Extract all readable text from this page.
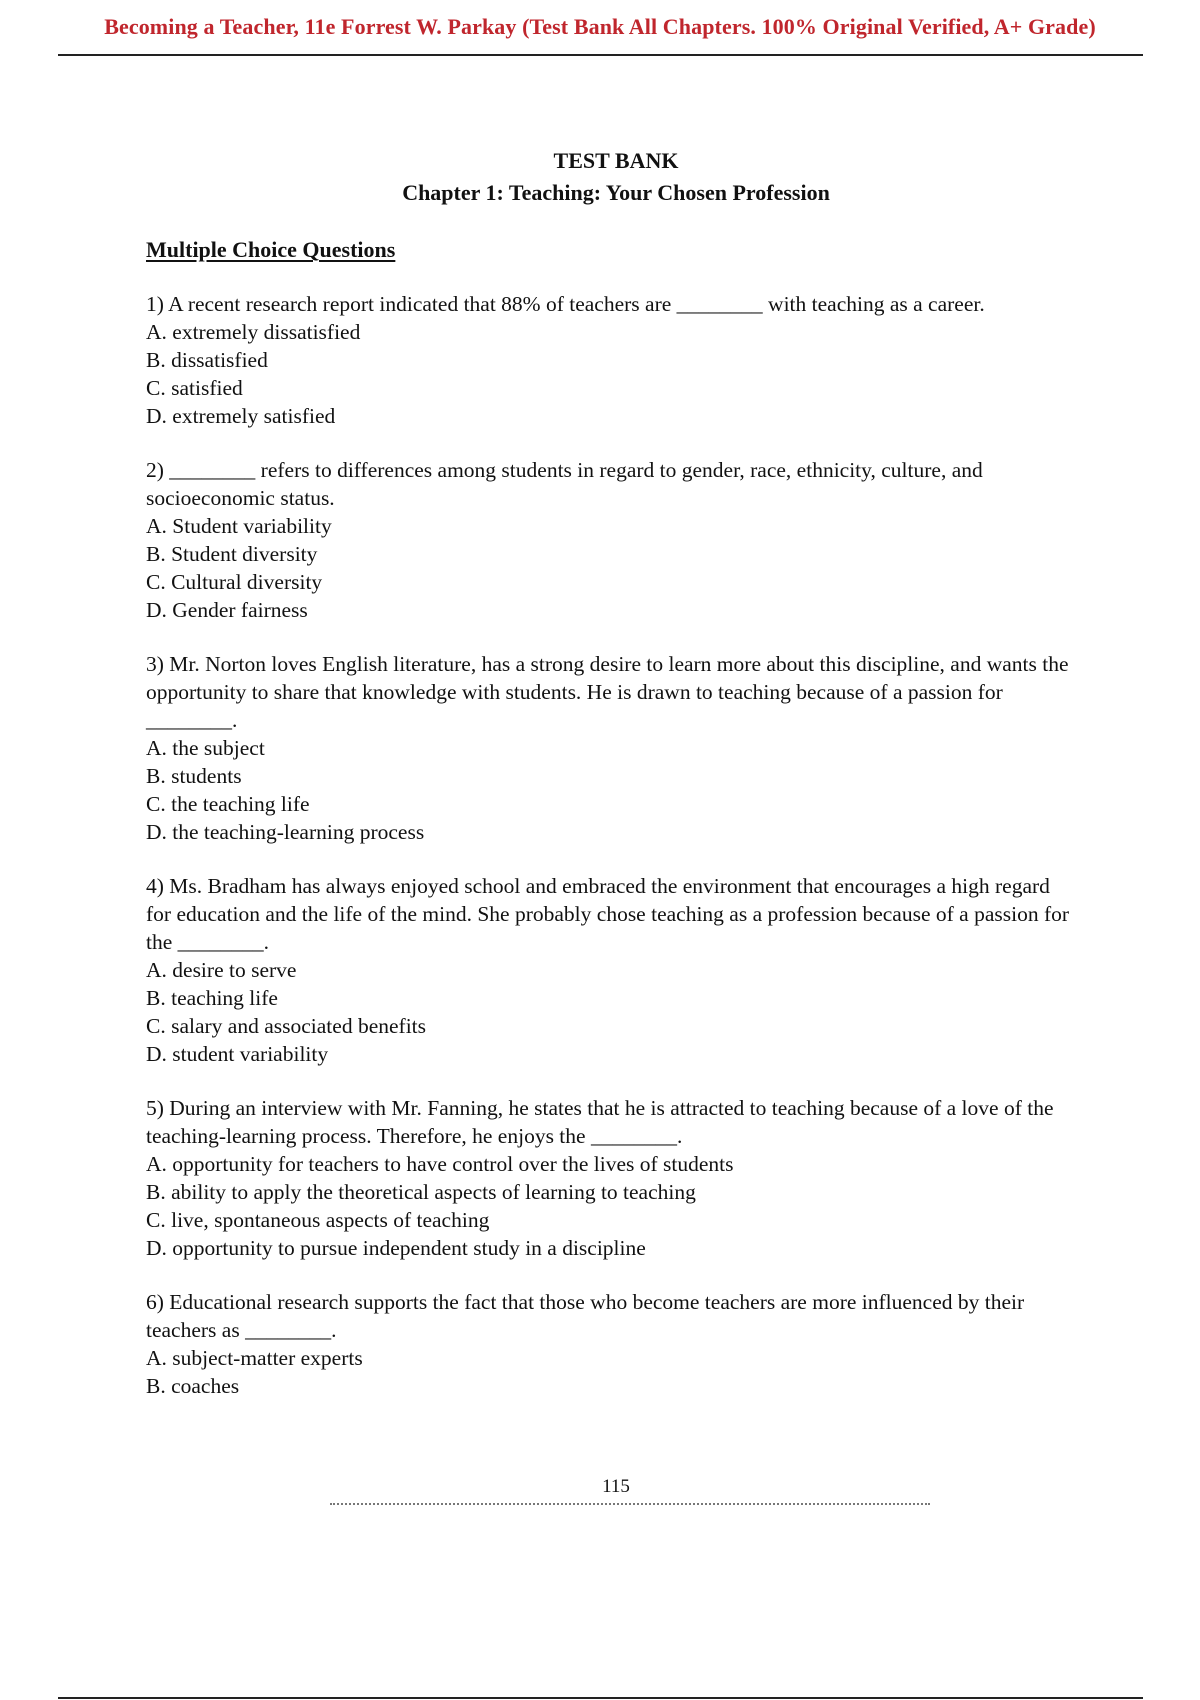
Becoming a Teacher, 11e Forrest W. Parkay (Test Bank All Chapters. 100% Original Verified, A+ Grade)
TEST BANK
Chapter 1: Teaching: Your Chosen Profession
Multiple Choice Questions
1) A recent research report indicated that 88% of teachers are ________ with teaching as a career.
A. extremely dissatisfied
B. dissatisfied
C. satisfied
D. extremely satisfied
2) ________ refers to differences among students in regard to gender, race, ethnicity, culture, and socioeconomic status.
A. Student variability
B. Student diversity
C. Cultural diversity
D. Gender fairness
3) Mr. Norton loves English literature, has a strong desire to learn more about this discipline, and wants the opportunity to share that knowledge with students. He is drawn to teaching because of a passion for ________.
A. the subject
B. students
C. the teaching life
D. the teaching-learning process
4) Ms. Bradham has always enjoyed school and embraced the environment that encourages a high regard for education and the life of the mind. She probably chose teaching as a profession because of a passion for the ________.
A. desire to serve
B. teaching life
C. salary and associated benefits
D. student variability
5) During an interview with Mr. Fanning, he states that he is attracted to teaching because of a love of the teaching-learning process. Therefore, he enjoys the ________.
A. opportunity for teachers to have control over the lives of students
B. ability to apply the theoretical aspects of learning to teaching
C. live, spontaneous aspects of teaching
D. opportunity to pursue independent study in a discipline
6) Educational research supports the fact that those who become teachers are more influenced by their teachers as ________.
A. subject-matter experts
B. coaches
115
